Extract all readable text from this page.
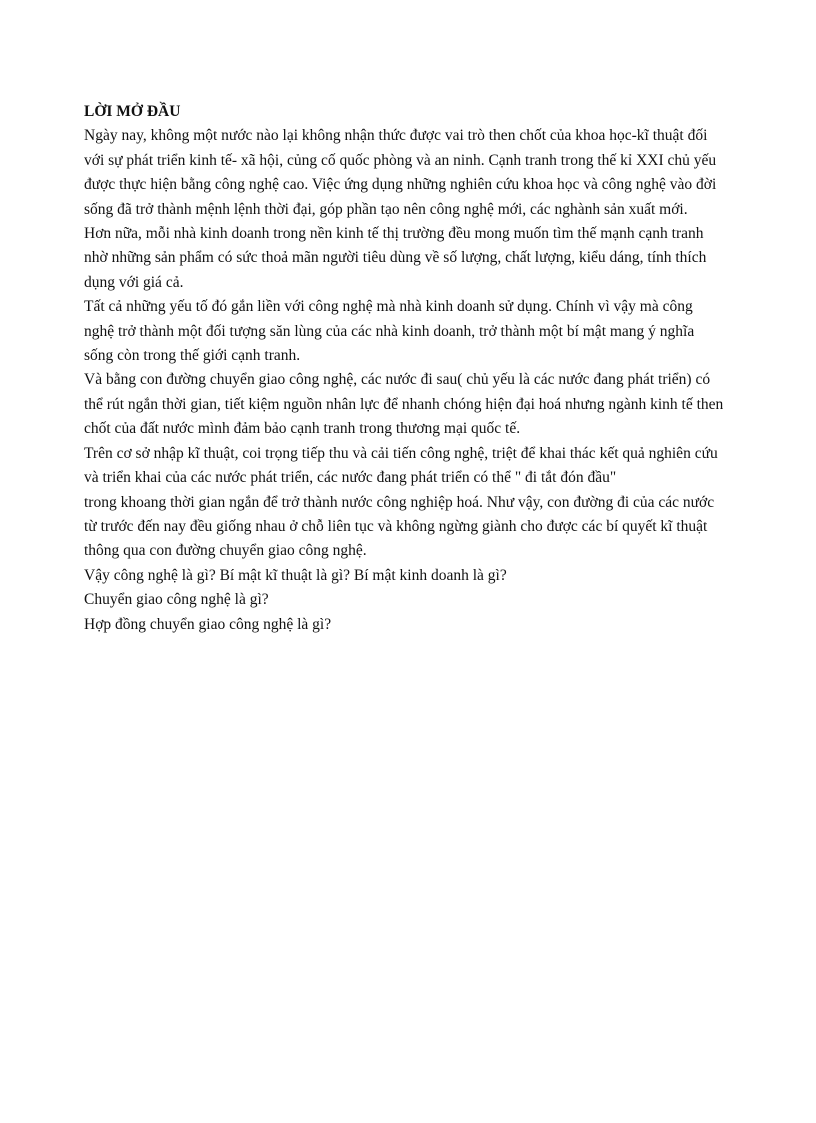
LỜI MỞ ĐẦU

Ngày nay, không một nước nào lại không nhận thức được vai trò then chốt của khoa học-kĩ thuật đối với sự phát triển kinh tế- xã hội, củng cố quốc phòng và an ninh. Cạnh tranh trong thế kỉ XXI chủ yếu được thực hiện bằng công nghệ cao. Việc ứng dụng những nghiên cứu khoa học và công nghệ vào đời sống đã trở thành mệnh lệnh thời đại, góp phần tạo nên công nghệ mới, các nghành sản xuất mới.

Hơn nữa, mỗi nhà kinh doanh trong nền kinh tế thị trường đều mong muốn tìm thế mạnh cạnh tranh nhờ những sản phẩm có sức thoả mãn người tiêu dùng về số lượng, chất lượng, kiểu dáng, tính thích dụng với giá cả.

Tất cả những yếu tố đó gắn liền với công nghệ mà nhà kinh doanh sử dụng. Chính vì vậy mà công nghệ trở thành một đối tượng săn lùng của các nhà kinh doanh, trở thành một bí mật mang ý nghĩa sống còn trong thế giới cạnh tranh.

Và bằng con đường chuyển giao công nghệ, các nước đi sau( chủ yếu là các nước đang phát triển) có thể rút ngắn thời gian, tiết kiệm nguồn nhân lực để nhanh chóng hiện đại hoá nhưng ngành kinh tế then chốt của đất nước mình đảm bảo cạnh tranh trong thương mại quốc tế.

Trên cơ sở nhập kĩ thuật, coi trọng tiếp thu và cải tiến công nghệ, triệt để khai thác kết quả nghiên cứu và triển khai của các nước phát triển, các nước đang phát triển có thể " đi tắt đón đầu"

trong khoang thời gian ngắn để trở thành nước công nghiệp hoá. Như vậy, con đường đi của các nước từ trước đến nay đều giống nhau ở chỗ liên tục và không ngừng giành cho được các bí quyết kĩ thuật thông qua con đường chuyển giao công nghệ.

Vậy công nghệ là gì? Bí mật kĩ thuật là gì? Bí mật kinh doanh là gì?

Chuyển giao công nghệ là gì?

Hợp đồng chuyển giao công nghệ là gì?
